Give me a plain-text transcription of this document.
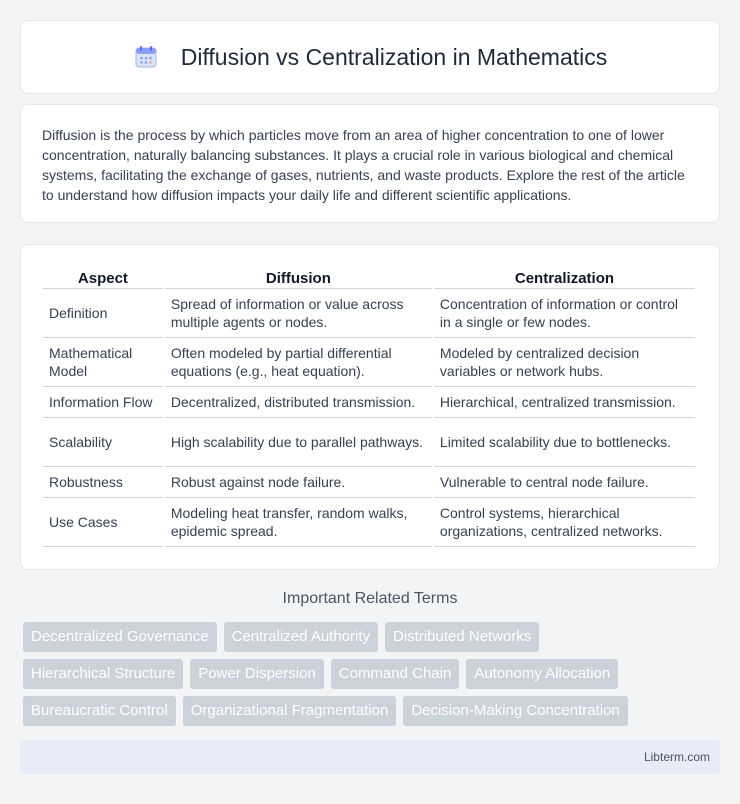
Diffusion vs Centralization in Mathematics

Diffusion is the process by which particles move from an area of higher concentration to one of lower concentration, naturally balancing substances. It plays a crucial role in various biological and chemical systems, facilitating the exchange of gases, nutrients, and waste products. Explore the rest of the article to understand how diffusion impacts your daily life and different scientific applications.

Aspect	Diffusion	Centralization
Definition	Spread of information or value across multiple agents or nodes.	Concentration of information or control in a single or few nodes.
Mathematical Model	Often modeled by partial differential equations (e.g., heat equation).	Modeled by centralized decision variables or network hubs.
Information Flow	Decentralized, distributed transmission.	Hierarchical, centralized transmission.
Scalability	High scalability due to parallel pathways.	Limited scalability due to bottlenecks.
Robustness	Robust against node failure.	Vulnerable to central node failure.
Use Cases	Modeling heat transfer, random walks, epidemic spread.	Control systems, hierarchical organizations, centralized networks.
Important Related Terms
Decentralized Governance	Centralized Authority	Distributed Networks
Hierarchical Structure	Power Dispersion	Command Chain	Autonomy Allocation
Bureaucratic Control	Organizational Fragmentation	Decision-Making Concentration
Libterm.com
